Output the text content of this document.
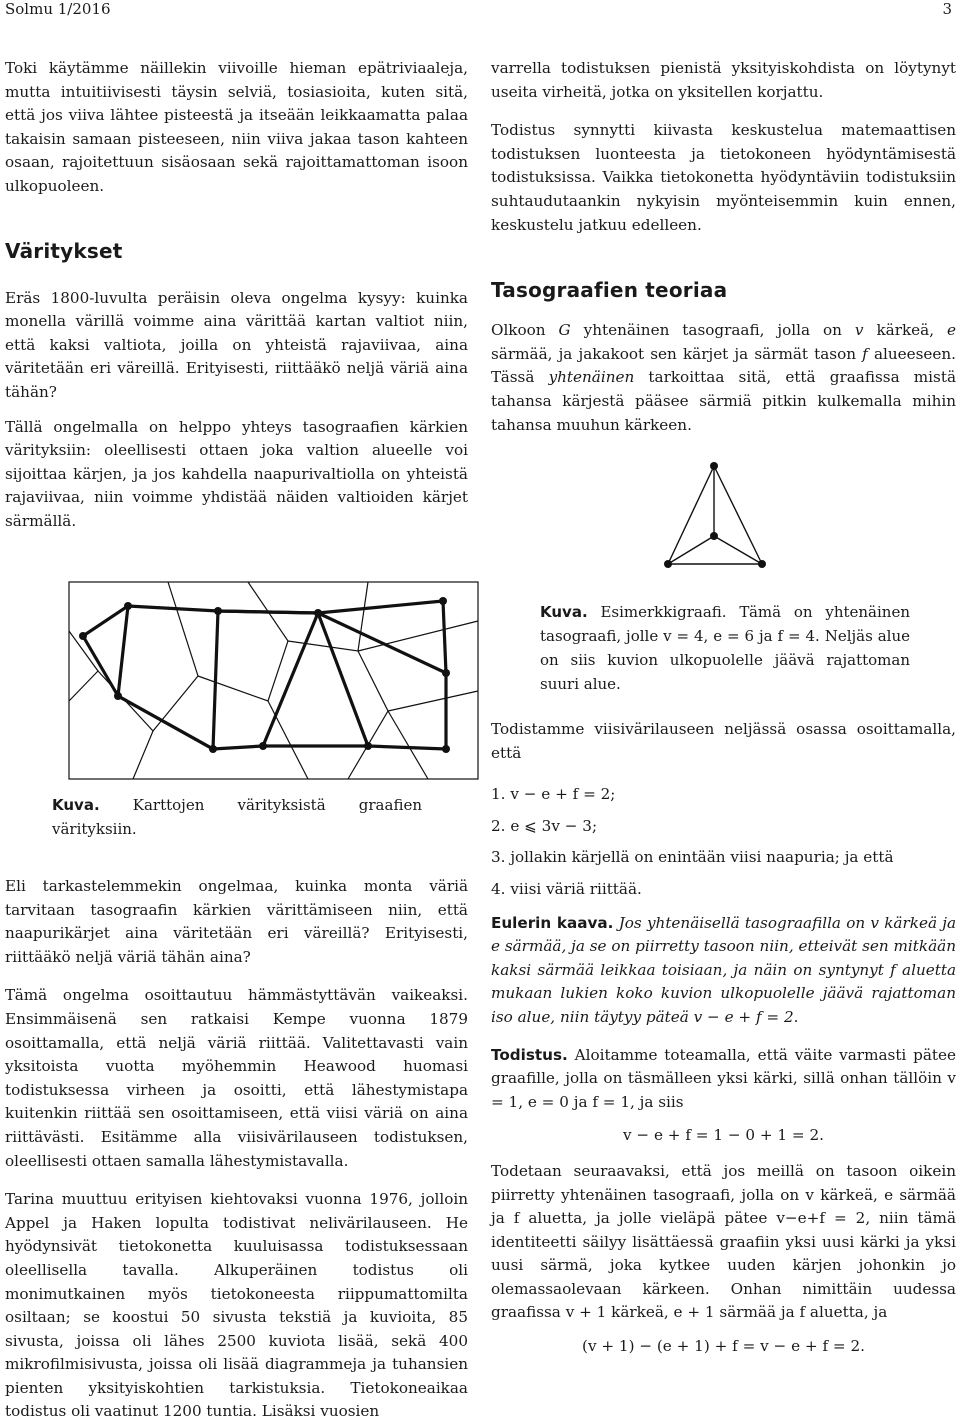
Solmu 1/2016	3

Toki käytämme näillekin viivoille hieman epätriviaaleja, mutta intuitiivisesti täysin selviä, tosiasioita, kuten sitä, että jos viiva lähtee pisteestä ja itseään leikkaamatta palaa takaisin samaan pisteeseen, niin viiva jakaa tason kahteen osaan, rajoitettuun sisäosaan sekä rajoittamattoman isoon ulkopuoleen.

Väritykset

Eräs 1800-luvulta peräisin oleva ongelma kysyy: kuinka monella värillä voimme aina värittää kartan valtiot niin, että kaksi valtiota, joilla on yhteistä rajaviivaa, aina väritetään eri väreillä. Erityisesti, riittääkö neljä väriä aina tähän?

Tällä ongelmalla on helppo yhteys tasograafien kärkien värityksiin: oleellisesti ottaen joka valtion alueelle voi sijoittaa kärjen, ja jos kahdella naapurivaltiolla on yhteistä rajaviivaa, niin voimme yhdistää näiden valtioiden kärjet särmällä.

Kuva. Karttojen värityksistä graafien värityksiin.

Eli tarkastelemmekin ongelmaa, kuinka monta väriä tarvitaan tasograafin kärkien värittämiseen niin, että naapurikärjet aina väritetään eri väreillä? Erityisesti, riittääkö neljä väriä tähän aina?

Tämä ongelma osoittautuu hämmästyttävän vaikeaksi. Ensimmäisenä sen ratkaisi Kempe vuonna 1879 osoittamalla, että neljä väriä riittää. Valitettavasti vain yksitoista vuotta myöhemmin Heawood huomasi todistuksessa virheen ja osoitti, että lähestymistapa kuitenkin riittää sen osoittamiseen, että viisi väriä on aina riittävästi. Esitämme alla viisivärilauseen todistuksen, oleellisesti ottaen samalla lähestymistavalla.

Tarina muuttuu erityisen kiehtovaksi vuonna 1976, jolloin Appel ja Haken lopulta todistivat nelivärilauseen. He hyödynsivät tietokonetta kuuluisassa todistuksessaan oleellisella tavalla. Alkuperäinen todistus oli monimutkainen myös tietokoneesta riippumattomilta osiltaan; se koostui 50 sivusta tekstiä ja kuvioita, 85 sivusta, joissa oli lähes 2500 kuviota lisää, sekä 400 mikrofilmisivusta, joissa oli lisää diagrammeja ja tuhansien pienten yksityiskohtien tarkistuksia. Tietokoneaikaa todistus oli vaatinut 1200 tuntia. Lisäksi vuosien

varrella todistuksen pienistä yksityiskohdista on löytynyt useita virheitä, jotka on yksitellen korjattu.

Todistus synnytti kiivasta keskustelua matemaattisen todistuksen luonteesta ja tietokoneen hyödyntämisestä todistuksissa. Vaikka tietokonetta hyödyntäviin todistuksiin suhtaudutaankin nykyisin myönteisemmin kuin ennen, keskustelu jatkuu edelleen.

Tasograafien teoriaa

Olkoon G yhtenäinen tasograafi, jolla on v kärkeä, e särmää, ja jakakoot sen kärjet ja särmät tason f alueeseen. Tässä yhtenäinen tarkoittaa sitä, että graafissa mistä tahansa kärjestä pääsee särmiä pitkin kulkemalla mihin tahansa muuhun kärkeen.

Kuva. Esimerkkigraafi. Tämä on yhtenäinen tasograafi, jolle v = 4, e = 6 ja f = 4. Neljäs alue on siis kuvion ulkopuolelle jäävä rajattoman suuri alue.

Todistamme viisivärilauseen neljässä osassa osoittamalla, että

1. v − e + f = 2;
2. e ⩽ 3v − 3;
3. jollakin kärjellä on enintään viisi naapuria; ja että
4. viisi väriä riittää.

Eulerin kaava. Jos yhtenäisellä tasograafilla on v kärkeä ja e särmää, ja se on piirretty tasoon niin, etteivät sen mitkään kaksi särmää leikkaa toisiaan, ja näin on syntynyt f aluetta mukaan lukien koko kuvion ulkopuolelle jäävä rajattoman iso alue, niin täytyy päteä v − e + f = 2.

Todistus. Aloitamme toteamalla, että väite varmasti pätee graafille, jolla on täsmälleen yksi kärki, sillä onhan tällöin v = 1, e = 0 ja f = 1, ja siis

v − e + f = 1 − 0 + 1 = 2.

Todetaan seuraavaksi, että jos meillä on tasoon oikein piirretty yhtenäinen tasograafi, jolla on v kärkeä, e särmää ja f aluetta, ja jolle vieläpä pätee v−e+f = 2, niin tämä identiteetti säilyy lisättäessä graafiin yksi uusi kärki ja yksi uusi särmä, joka kytkee uuden kärjen johonkin jo olemassaolevaan kärkeen. Onhan nimittäin uudessa graafissa v + 1 kärkeä, e + 1 särmää ja f aluetta, ja

(v + 1) − (e + 1) + f = v − e + f = 2.
